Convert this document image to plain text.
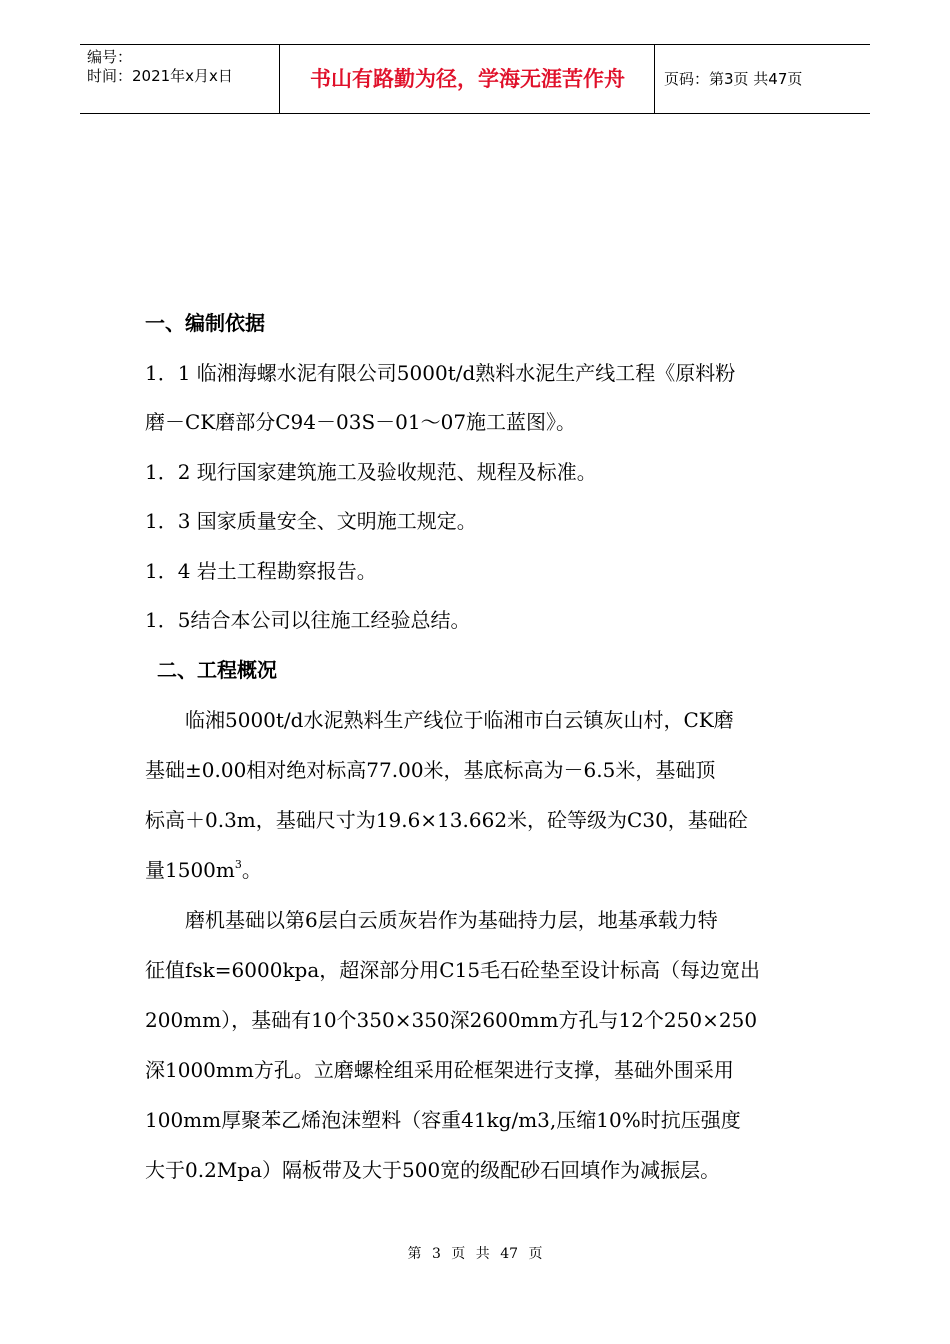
编号：
时间：2021年x月x日	书山有路勤为径，学海无涯苦作舟	页码：第3页 共47页
一、编制依据
1．1 临湘海螺水泥有限公司5000t/d熟料水泥生产线工程《原料粉
磨－CK磨部分C94－03S－01～07施工蓝图》。
1．2 现行国家建筑施工及验收规范、规程及标准。
1．3 国家质量安全、文明施工规定。
1．4 岩土工程勘察报告。
1．5结合本公司以往施工经验总结。
二、工程概况
　　临湘5000t/d水泥熟料生产线位于临湘市白云镇灰山村，CK磨
基础±0.00相对绝对标高77.00米，基底标高为－6.5米，基础顶
标高＋0.3m，基础尺寸为19.6×13.662米，砼等级为C30，基础砼
量$1500m^3$。
　　磨机基础以第6层白云质灰岩作为基础持力层，地基承载力特
征值fsk=6000kpa，超深部分用C15毛石砼垫至设计标高（每边宽出
200mm），基础有10个350×350深2600mm方孔与12个250×250
深1000mm方孔。立磨螺栓组采用砼框架进行支撑，基础外围采用
100mm厚聚苯乙烯泡沫塑料（容重41kg/m3,压缩10%时抗压强度
大于0.2Mpa）隔板带及大于500宽的级配砂石回填作为减振层。
第 3 页 共 47 页
